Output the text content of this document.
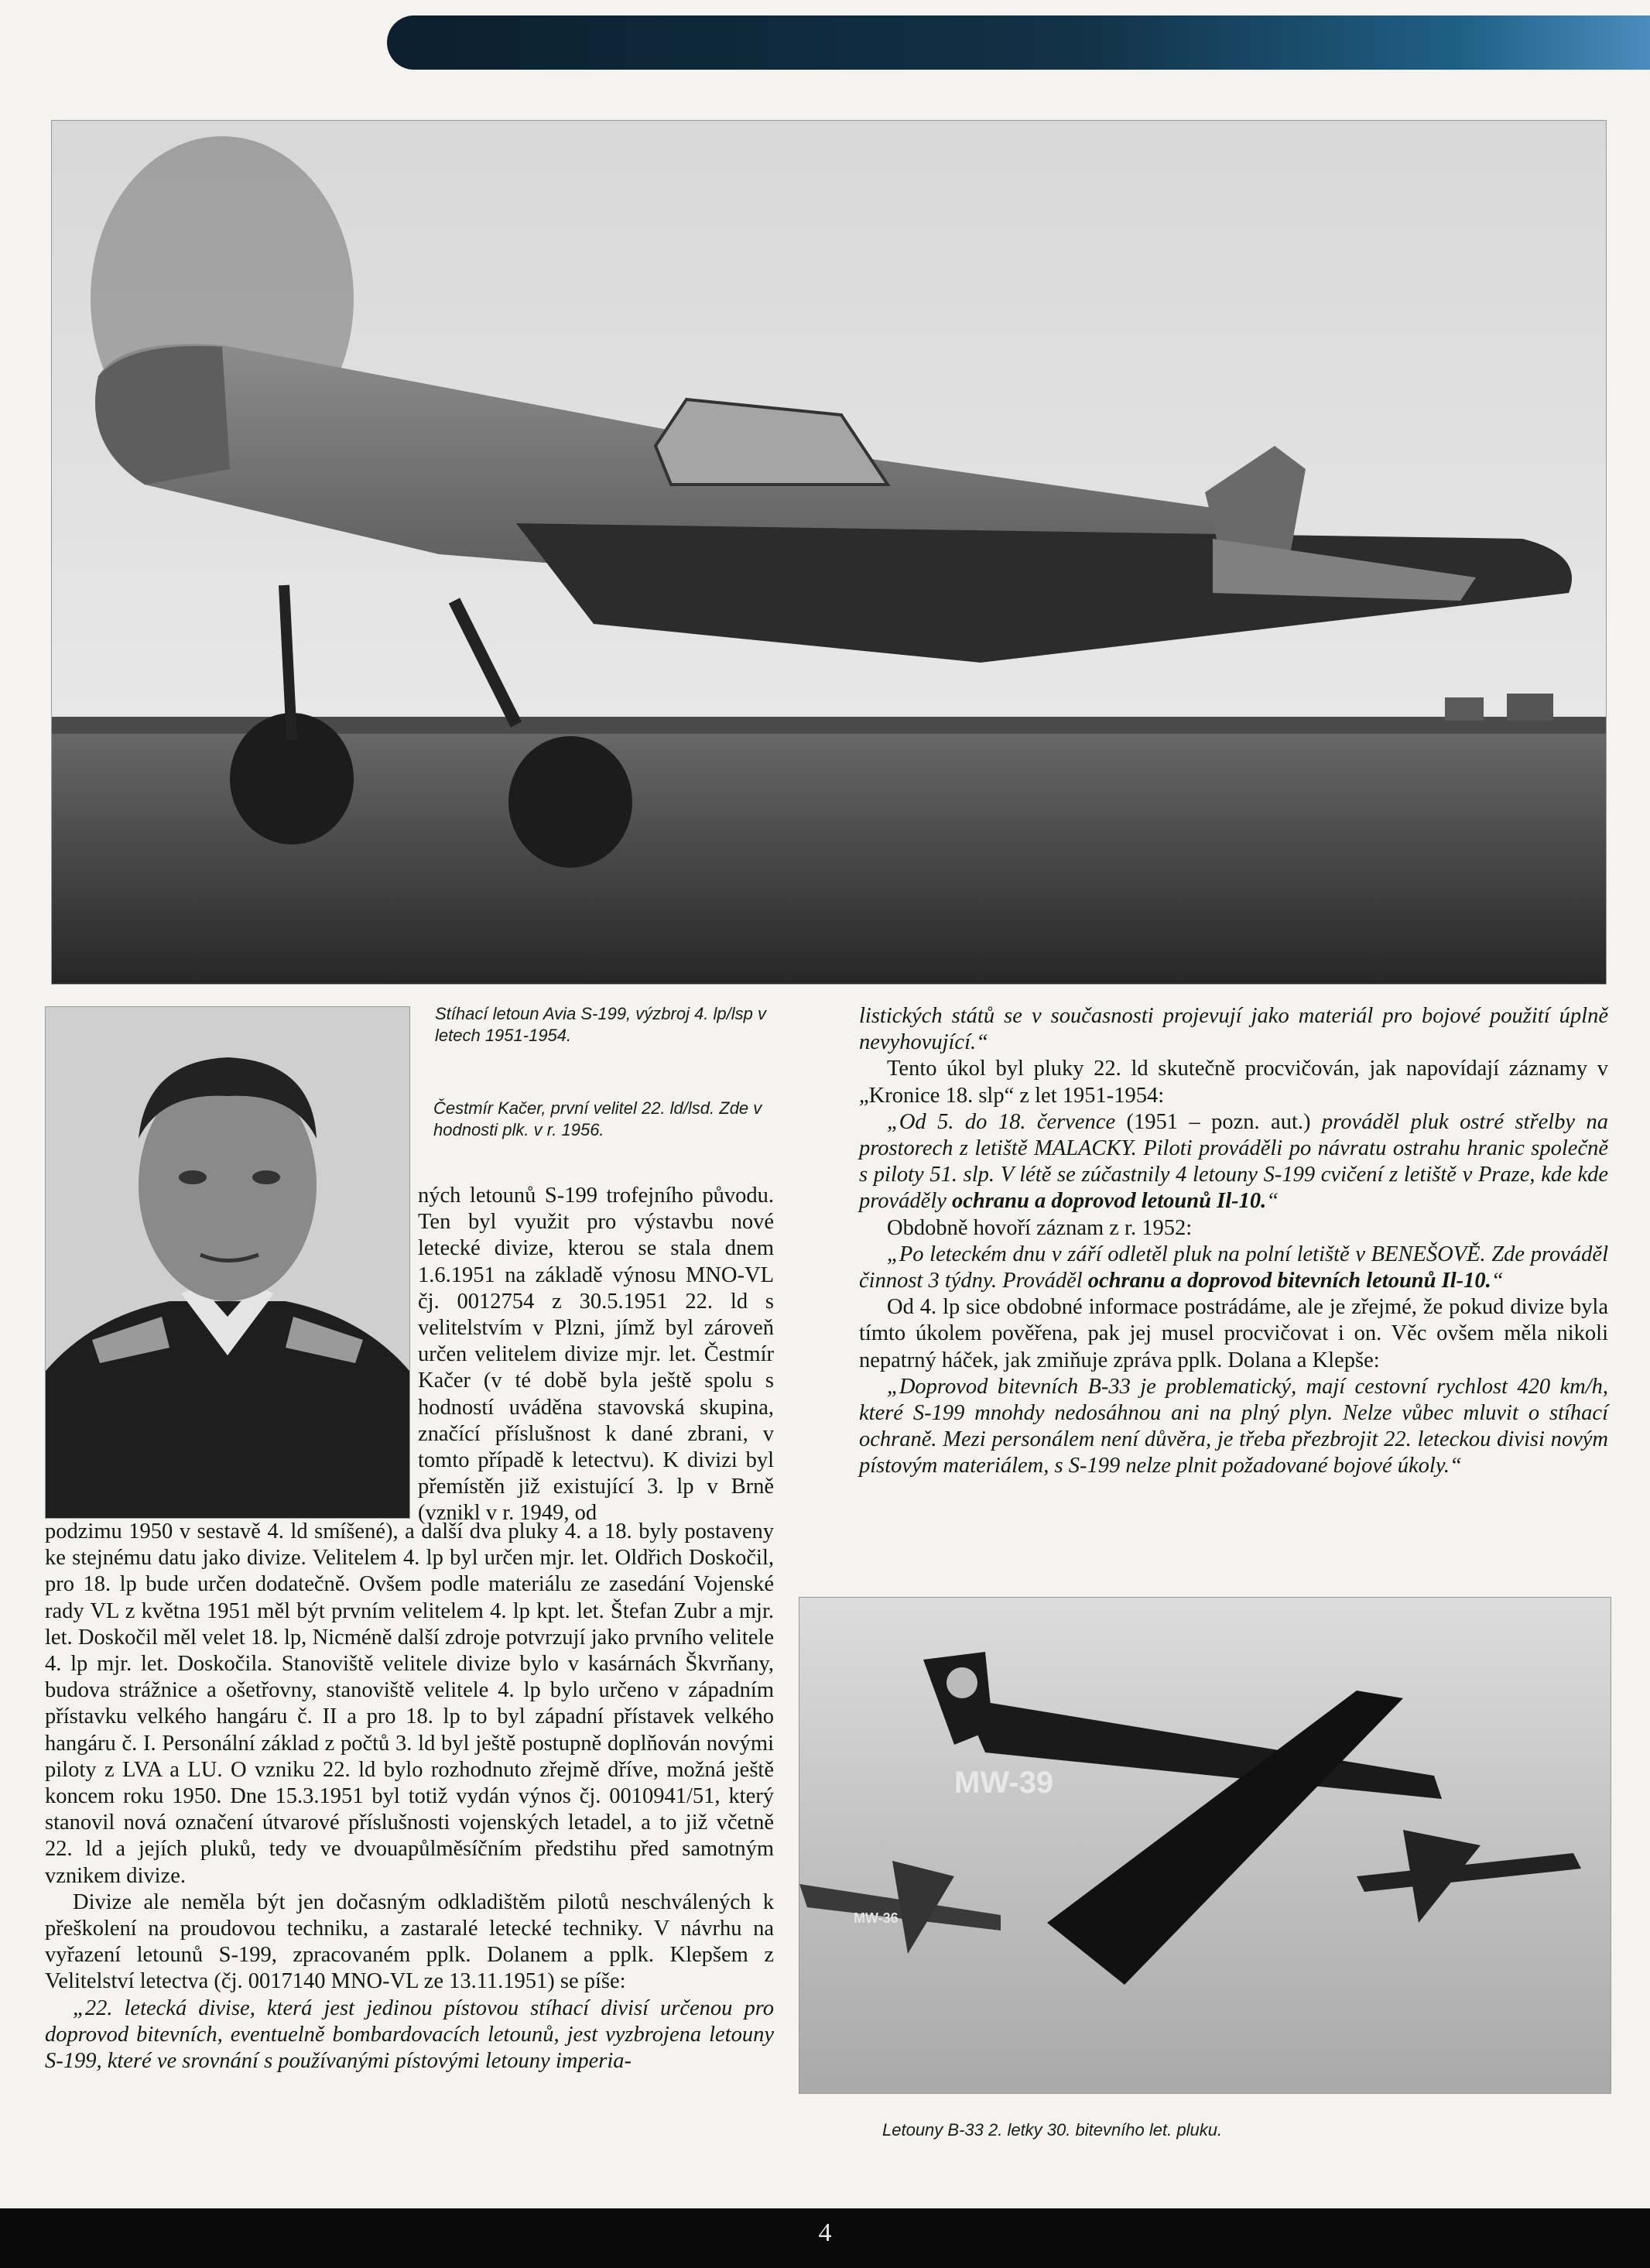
Stíhací letoun Avia S-199, výzbroj 4. lp/lsp v letech 1951-1954.
Čestmír Kačer, první velitel 22. ld/lsd. Zde v hodnosti plk. v r. 1956.

ných letounů S-199 trofejního původu. Ten byl využit pro výstavbu nové letecké divize, kterou se stala dnem 1.6.1951 na základě výnosu MNO-VL čj. 0012754 z 30.5.1951 22. ld s velitelstvím v Plzni, jímž byl zároveň určen velitelem divize mjr. let. Čestmír Kačer (v té době byla ještě spolu s hodností uváděna stavovská skupina, značící příslušnost k dané zbrani, v tomto případě k letectvu). K divizi byl přemístěn již existující 3. lp v Brně (vznikl v r. 1949, od

podzimu 1950 v sestavě 4. ld smíšené), a další dva pluky 4. a 18. byly postaveny ke stejnému datu jako divize. Velitelem 4. lp byl určen mjr. let. Oldřich Doskočil, pro 18. lp bude určen dodatečně. Ovšem podle materiálu ze zasedání Vojenské rady VL z května 1951 měl být prvním velitelem 4. lp kpt. let. Štefan Zubr a mjr. let. Doskočil měl velet 18. lp, Nicméně další zdroje potvrzují jako prvního velitele 4. lp mjr. let. Doskočila. Stanoviště velitele divize bylo v kasárnách Škvrňany, budova strážnice a ošetřovny, stanoviště velitele 4. lp bylo určeno v západním přístavku velkého hangáru č. II a pro 18. lp to byl západní přístavek velkého hangáru č. I. Personální základ z počtů 3. ld byl ještě postupně doplňován novými piloty z LVA a LU. O vzniku 22. ld bylo rozhodnuto zřejmě dříve, možná ještě koncem roku 1950. Dne 15.3.1951 byl totiž vydán výnos čj. 0010941/51, který stanovil nová označení útvarové příslušnosti vojenských letadel, a to již včetně 22. ld a jejích pluků, tedy ve dvouapůlměsíčním předstihu před samotným vznikem divize.

Divize ale neměla být jen dočasným odkladištěm pilotů neschválených k přeškolení na proudovou techniku, a zastaralé letecké techniky. V návrhu na vyřazení letounů S-199, zpracovaném pplk. Dolanem a pplk. Klepšem z Velitelství letectva (čj. 0017140 MNO-VL ze 13.11.1951) se píše:

„22. letecká divise, která jest jedinou pístovou stíhací divisí určenou pro doprovod bitevních, eventuelně bombardovacích letounů, jest vyzbrojena letouny S-199, které ve srovnání s používanými pístovými letouny imperia-

listických států se v současnosti projevují jako materiál pro bojové použití úplně nevyhovující.“

Tento úkol byl pluky 22. ld skutečně procvičován, jak napovídají záznamy v „Kronice 18. slp“ z let 1951-1954:

„Od 5. do 18. července (1951 – pozn. aut.) prováděl pluk ostré střelby na prostorech z letiště MALACKY. Piloti prováděli po návratu ostrahu hranic společně s piloty 51. slp. V létě se zúčastnily 4 letouny S-199 cvičení z letiště v Praze, kde kde prováděly ochranu a doprovod letounů Il-10.“

Obdobně hovoří záznam z r. 1952:

„Po leteckém dnu v září odletěl pluk na polní letiště v BENEŠOVĚ. Zde prováděl činnost 3 týdny. Prováděl ochranu a doprovod bitevních letounů Il-10.“

Od 4. lp sice obdobné informace postrádáme, ale je zřejmé, že pokud divize byla tímto úkolem pověřena, pak jej musel procvičovat i on. Věc ovšem měla nikoli nepatrný háček, jak zmiňuje zpráva pplk. Dolana a Klepše:

„Doprovod bitevních B-33 je problematický, mají cestovní rychlost 420 km/h, které S-199 mnohdy nedosáhnou ani na plný plyn. Nelze vůbec mluvit o stíhací ochraně. Mezi personálem není důvěra, je třeba přezbrojit 22. leteckou divisi novým pístovým materiálem, s S-199 nelze plnit požadované bojové úkoly.“

MW-39
MW-36
Letouny B-33 2. letky 30. bitevního let. pluku.
4
